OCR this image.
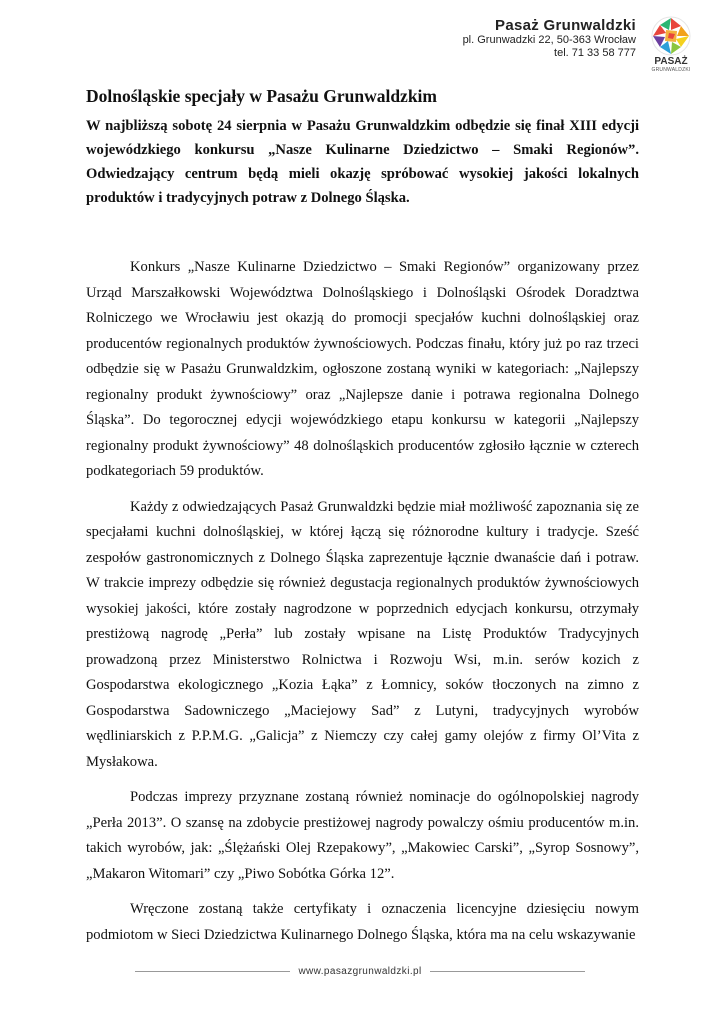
Pasaż Grunwaldzki
pl. Grunwadzki 22, 50-363 Wrocław
tel. 71 33 58 777
PASAŻ
GRUNWALDZKI
Dolnośląskie specjały w Pasażu Grunwaldzkim

W najbliższą sobotę 24 sierpnia w Pasażu Grunwaldzkim odbędzie się finał XIII edycji wojewódzkiego konkursu „Nasze Kulinarne Dziedzictwo – Smaki Regionów”. Odwiedzający centrum będą mieli okazję spróbować wysokiej jakości lokalnych produktów i tradycyjnych potraw z Dolnego Śląska.

Konkurs „Nasze Kulinarne Dziedzictwo – Smaki Regionów” organizowany przez Urząd Marszałkowski Województwa Dolnośląskiego i Dolnośląski Ośrodek Doradztwa Rolniczego we Wrocławiu jest okazją do promocji specjałów kuchni dolnośląskiej oraz producentów regionalnych produktów żywnościowych. Podczas finału, który już po raz trzeci odbędzie się w Pasażu Grunwaldzkim, ogłoszone zostaną wyniki w kategoriach: „Najlepszy regionalny produkt żywnościowy” oraz „Najlepsze danie i potrawa regionalna Dolnego Śląska”. Do tegorocznej edycji wojewódzkiego etapu konkursu w kategorii „Najlepszy regionalny produkt żywnościowy” 48 dolnośląskich producentów zgłosiło łącznie w czterech podkategoriach 59 produktów.

Każdy z odwiedzających Pasaż Grunwaldzki będzie miał możliwość zapoznania się ze specjałami kuchni dolnośląskiej, w której łączą się różnorodne kultury i tradycje. Sześć zespołów gastronomicznych z Dolnego Śląska zaprezentuje łącznie dwanaście dań i potraw. W trakcie imprezy odbędzie się również degustacja regionalnych produktów żywnościowych wysokiej jakości, które zostały nagrodzone w poprzednich edycjach konkursu, otrzymały prestiżową nagrodę „Perła” lub zostały wpisane na Listę Produktów Tradycyjnych prowadzoną przez Ministerstwo Rolnictwa i Rozwoju Wsi, m.in. serów kozich z Gospodarstwa ekologicznego „Kozia Łąka” z Łomnicy, soków tłoczonych na zimno z Gospodarstwa Sadowniczego „Maciejowy Sad” z Lutyni, tradycyjnych wyrobów wędliniarskich z P.P.M.G. „Galicja” z Niemczy czy całej gamy olejów z firmy Ol’Vita z Mysłakowa.

Podczas imprezy przyznane zostaną również nominacje do ogólnopolskiej nagrody „Perła 2013”. O szansę na zdobycie prestiżowej nagrody powalczy ośmiu producentów m.in. takich wyrobów, jak: „Ślężański Olej Rzepakowy”, „Makowiec Carski”, „Syrop Sosnowy”, „Makaron Witomari” czy „Piwo Sobótka Górka 12”.

Wręczone zostaną także certyfikaty i oznaczenia licencyjne dziesięciu nowym podmiotom w Sieci Dziedzictwa Kulinarnego Dolnego Śląska, która ma na celu wskazywanie

www.pasazgrunwaldzki.pl
